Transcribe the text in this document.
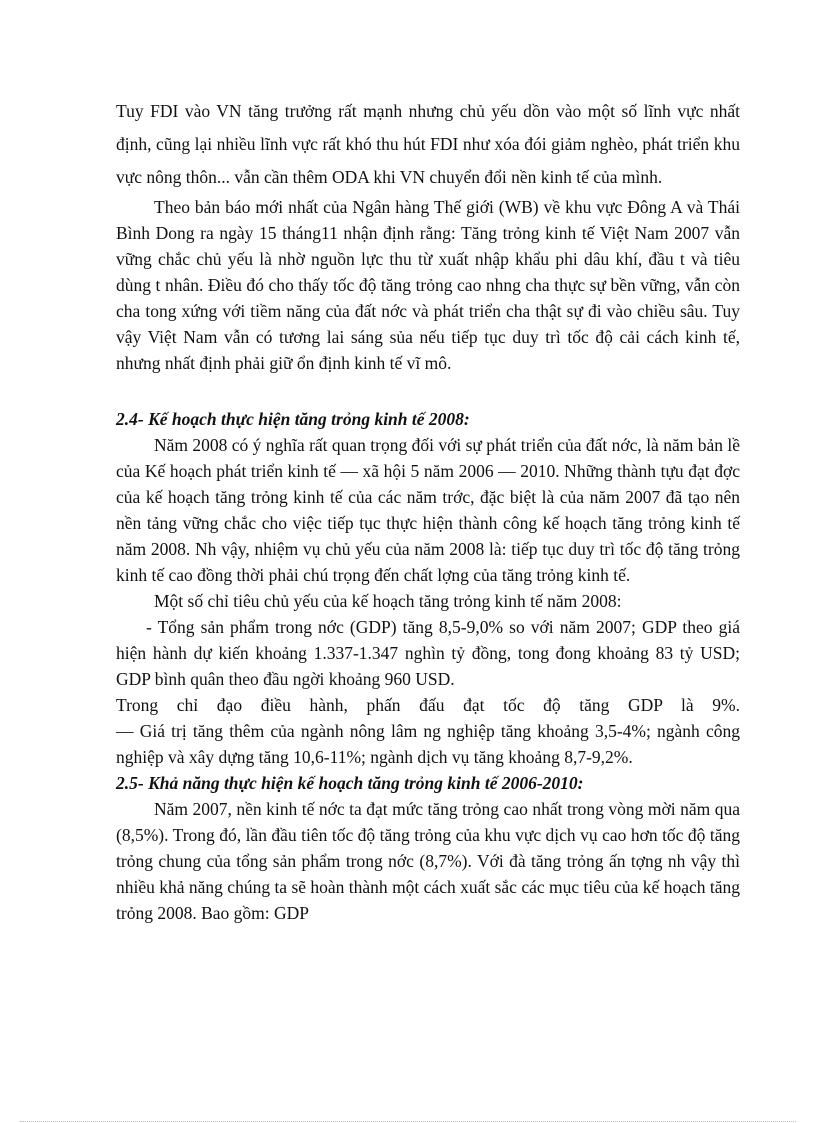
Tuy FDI vào VN tăng trưởng rất mạnh nhưng chủ yếu dồn vào một số lĩnh vực nhất định, cũng lại nhiều lĩnh vực rất khó thu hút FDI như xóa đói giảm nghèo, phát triển khu vực nông thôn... vẫn cần thêm ODA khi VN chuyển đổi nền kinh tế của mình.

Theo bản báo mới nhất của Ngân hàng Thế giới (WB) về khu vực Đông A và Thái Bình Dong ra ngày 15 tháng11 nhận định rằng: Tăng trỏng kinh tế Việt Nam 2007 vẫn vững chắc chủ yếu là nhờ nguồn lực thu từ xuất nhập khẩu phi dâu khí, đầu t và tiêu dùng t nhân. Điều đó cho thấy tốc độ tăng trỏng cao nhng cha thực sự bền vững, vẫn còn cha tong xứng với tiềm năng của đất nớc và phát triển cha thật sự đi vào chiều sâu. Tuy vậy Việt Nam vẫn có tương lai sáng sủa nếu tiếp tục duy trì tốc độ cải cách kinh tế, nhưng nhất định phải giữ ổn định kinh tế vĩ mô.

2.4- Kế hoạch thực hiện tăng trỏng kinh tế 2008:

Năm 2008 có ý nghĩa rất quan trọng đối với sự phát triển của đất nớc, là năm bản lề của Kế hoạch phát triển kinh tế — xã hội 5 năm 2006 — 2010. Những thành tựu đạt đợc của kế hoạch tăng trỏng kinh tế của các năm trớc, đặc biệt là của năm 2007 đã tạo nên nền tảng vững chắc cho việc tiếp tục thực hiện thành công kế hoạch tăng trỏng kinh tế năm 2008. Nh vậy, nhiệm vụ chủ yếu của năm 2008 là: tiếp tục duy trì tốc độ tăng trỏng kinh tế cao đồng thời phải chú trọng đến chất lợng của tăng trỏng kinh tế.

Một số chỉ tiêu chủ yếu của kế hoạch tăng trỏng kinh tế năm 2008:

- Tổng sản phẩm trong nớc (GDP) tăng 8,5-9,0% so với năm 2007; GDP theo giá hiện hành dự kiến khoảng 1.337-1.347 nghìn tỷ đồng, tong đong khoảng 83 tỷ USD; GDP bình quân theo đầu ngời khoảng 960 USD.

Trong chỉ đạo điều hành, phấn đấu đạt tốc độ tăng GDP là 9%.

— Giá trị tăng thêm của ngành nông lâm ng nghiệp tăng khoảng 3,5-4%; ngành công nghiệp và xây dựng tăng 10,6-11%; ngành dịch vụ tăng khoảng 8,7-9,2%.

2.5- Khả năng thực hiện kế hoạch tăng trỏng kinh tế 2006-2010:

Năm 2007, nền kinh tế nớc ta đạt mức tăng trỏng cao nhất trong vòng mời năm qua (8,5%). Trong đó, lần đầu tiên tốc độ tăng trỏng của khu vực dịch vụ cao hơn tốc độ tăng trỏng chung của tổng sản phẩm trong nớc (8,7%). Với đà tăng trỏng ấn tợng nh vậy thì nhiều khả năng chúng ta sẽ hoàn thành một cách xuất sắc các mục tiêu của kế hoạch tăng trỏng 2008. Bao gồm: GDP
